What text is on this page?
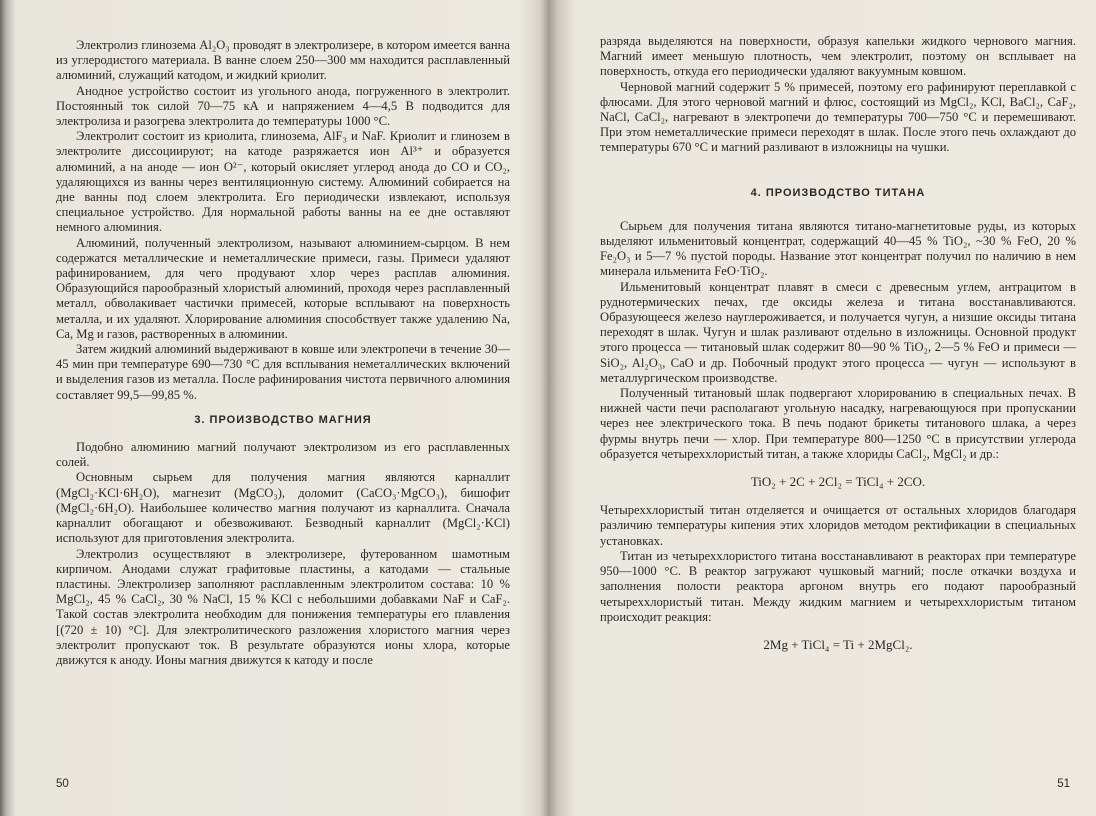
Электролиз глинозема Al₂O₃ проводят в электролизере, в котором имеется ванна из углеродистого материала. В ванне слоем 250—300 мм находится расплавленный алюминий, служащий катодом, и жидкий криолит.

Анодное устройство состоит из угольного анода, погруженного в электролит. Постоянный ток силой 70—75 кА и напряжением 4—4,5 В подводится для электролиза и разогрева электролита до температуры 1000 °С.

Электролит состоит из криолита, глинозема, AlF₃ и NaF. Криолит и глинозем в электролите диссоциируют; на катоде разряжается ион Al³⁺ и образуется алюминий, а на аноде — ион O²⁻, который окисляет углерод анода до CO и CO₂, удаляющихся из ванны через вентиляционную систему. Алюминий собирается на дне ванны под слоем электролита. Его периодически извлекают, используя специальное устройство. Для нормальной работы ванны на ее дне оставляют немного алюминия.

Алюминий, полученный электролизом, называют алюминием-сырцом. В нем содержатся металлические и неметаллические примеси, газы. Примеси удаляют рафинированием, для чего продувают хлор через расплав алюминия. Образующийся парообразный хлористый алюминий, проходя через расплавленный металл, обволакивает частички примесей, которые всплывают на поверхность металла, и их удаляют. Хлорирование алюминия способствует также удалению Na, Ca, Mg и газов, растворенных в алюминии.

Затем жидкий алюминий выдерживают в ковше или электропечи в течение 30—45 мин при температуре 690—730 °С для всплывания неметаллических включений и выделения газов из металла. После рафинирования чистота первичного алюминия составляет 99,5—99,85 %.

3. ПРОИЗВОДСТВО МАГНИЯ

Подобно алюминию магний получают электролизом из его расплавленных солей.

Основным сырьем для получения магния являются карналлит (MgCl₂·KCl·6H₂O), магнезит (MgCO₃), доломит (CaCO₃·MgCO₃), бишофит (MgCl₂·6H₂O). Наибольшее количество магния получают из карналлита. Сначала карналлит обогащают и обезвоживают. Безводный карналлит (MgCl₂·KCl) используют для приготовления электролита.

Электролиз осуществляют в электролизере, футерованном шамотным кирпичом. Анодами служат графитовые пластины, а катодами — стальные пластины. Электролизер заполняют расплавленным электролитом состава: 10 % MgCl₂, 45 % CaCl₂, 30 % NaCl, 15 % KCl с небольшими добавками NaF и CaF₂. Такой состав электролита необходим для понижения температуры его плавления [(720 ± 10) °С]. Для электролитического разложения хлористого магния через электролит пропускают ток. В результате образуются ионы хлора, которые движутся к аноду. Ионы магния движутся к катоду и после

50

разряда выделяются на поверхности, образуя капельки жидкого чернового магния. Магний имеет меньшую плотность, чем электролит, поэтому он всплывает на поверхность, откуда его периодически удаляют вакуумным ковшом.

Черновой магний содержит 5 % примесей, поэтому его рафинируют переплавкой с флюсами. Для этого черновой магний и флюс, состоящий из MgCl₂, KCl, BaCl₂, CaF₂, NaCl, CaCl₂, нагревают в электропечи до температуры 700—750 °С и перемешивают. При этом неметаллические примеси переходят в шлак. После этого печь охлаждают до температуры 670 °С и магний разливают в изложницы на чушки.

4. ПРОИЗВОДСТВО ТИТАНА

Сырьем для получения титана являются титано-магнетитовые руды, из которых выделяют ильменитовый концентрат, содержащий 40—45 % TiO₂, ~30 % FeO, 20 % Fe₂O₃ и 5—7 % пустой породы. Название этот концентрат получил по наличию в нем минерала ильменита FeO·TiO₂.

Ильменитовый концентрат плавят в смеси с древесным углем, антрацитом в руднотермических печах, где оксиды железа и титана восстанавливаются. Образующееся железо науглероживается, и получается чугун, а низшие оксиды титана переходят в шлак. Чугун и шлак разливают отдельно в изложницы. Основной продукт этого процесса — титановый шлак содержит 80—90 % TiO₂, 2—5 % FeO и примеси — SiO₂, Al₂O₃, CaO и др. Побочный продукт этого процесса — чугун — используют в металлургическом производстве.

Полученный титановый шлак подвергают хлорированию в специальных печах. В нижней части печи располагают угольную насадку, нагревающуюся при пропускании через нее электрического тока. В печь подают брикеты титанового шлака, а через фурмы внутрь печи — хлор. При температуре 800—1250 °С в присутствии углерода образуется четыреххлористый титан, а также хлориды CaCl₂, MgCl₂ и др.:

TiO₂ + 2C + 2Cl₂ = TiCl₄ + 2CO.

Четыреххлористый титан отделяется и очищается от остальных хлоридов благодаря различию температуры кипения этих хлоридов методом ректификации в специальных установках.

Титан из четыреххлористого титана восстанавливают в реакторах при температуре 950—1000 °С. В реактор загружают чушковый магний; после откачки воздуха и заполнения полости реактора аргоном внутрь его подают парообразный четыреххлористый титан. Между жидким магнием и четыреххлористым титаном происходит реакция:

2Mg + TiCl₄ = Ti + 2MgCl₂.

51
